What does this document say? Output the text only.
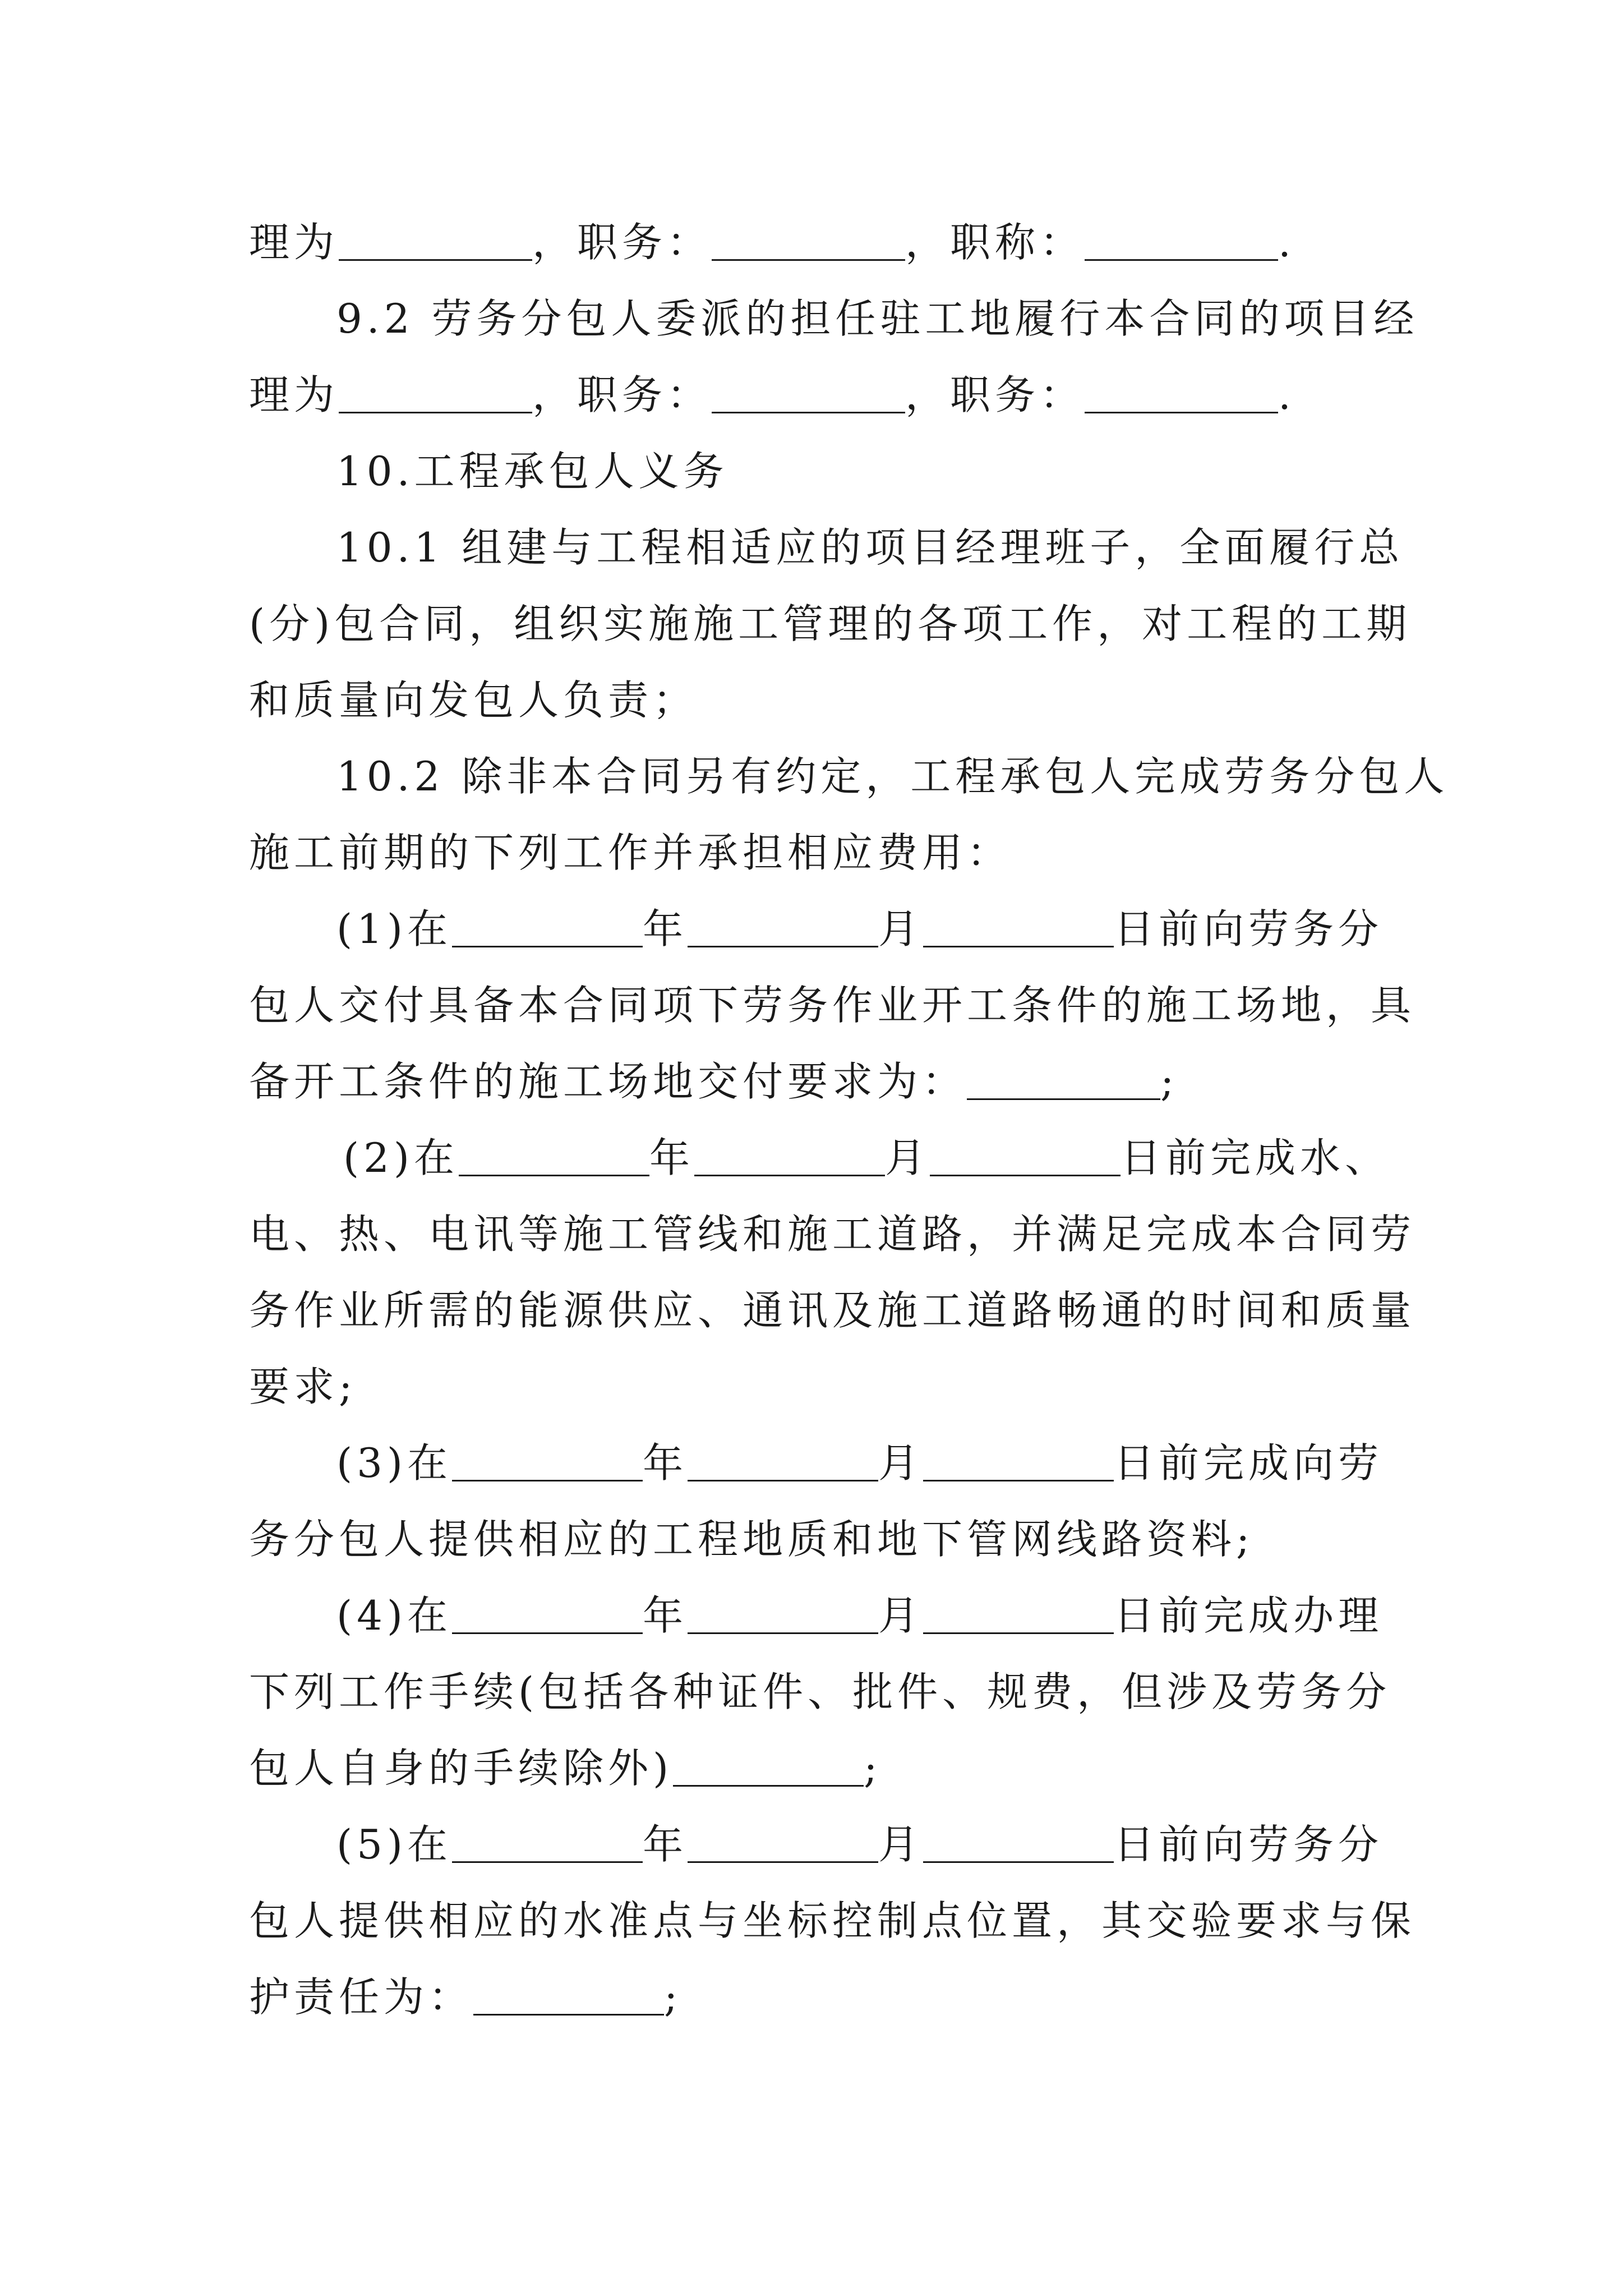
理为	，职务：	，职称：	.
9.2 劳务分包人委派的担任驻工地履行本合同的项目经
理为	，职务：	，职务：	.
10.工程承包人义务
10.1 组建与工程相适应的项目经理班子，全面履行总
(分)包合同，组织实施施工管理的各项工作，对工程的工期
和质量向发包人负责；
10.2 除非本合同另有约定，工程承包人完成劳务分包人
施工前期的下列工作并承担相应费用：
(1)在	年	月	日前向劳务分
包人交付具备本合同项下劳务作业开工条件的施工场地，具
备开工条件的施工场地交付要求为：	;
(2)在	年	月	日前完成水、
电、热、电讯等施工管线和施工道路，并满足完成本合同劳
务作业所需的能源供应、通讯及施工道路畅通的时间和质量
要求;
(3)在	年	月	日前完成向劳
务分包人提供相应的工程地质和地下管网线路资料;
(4)在	年	月	日前完成办理
下列工作手续(包括各种证件、批件、规费，但涉及劳务分
包人自身的手续除外)	;
(5)在	年	月	日前向劳务分
包人提供相应的水准点与坐标控制点位置，其交验要求与保
护责任为：	;
